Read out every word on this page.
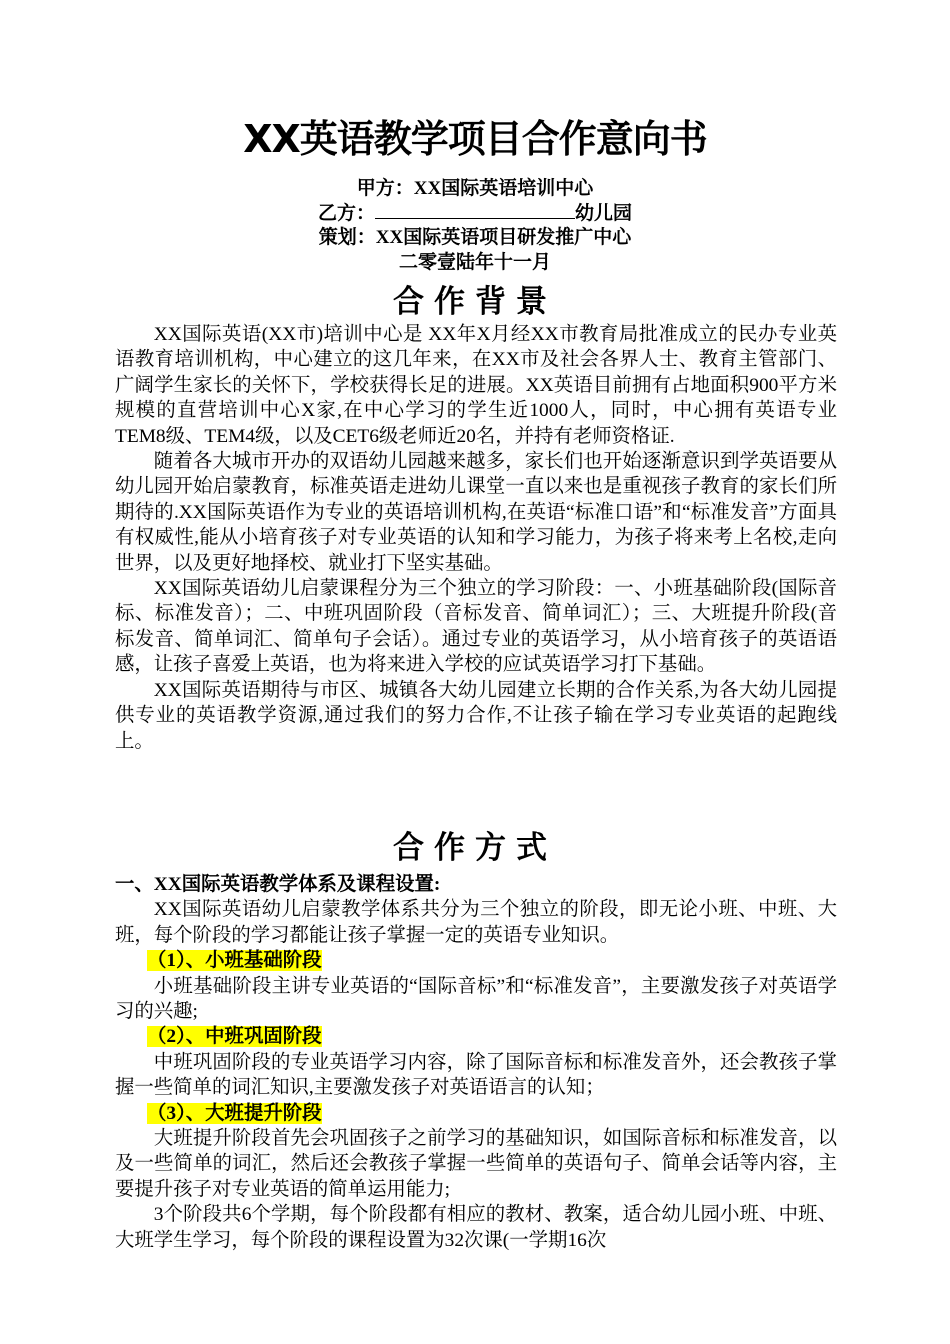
XX英语教学项目合作意向书
甲方：XX国际英语培训中心
乙方：	幼儿园
策划：XX国际英语项目研发推广中心
二零壹陆年十一月
合作背景

XX国际英语(XX市)培训中心是 XX年X月经XX市教育局批准成立的民办专业英语教育培训机构，中心建立的这几年来，在XX市及社会各界人士、教育主管部门、广阔学生家长的关怀下，学校获得长足的进展。XX英语目前拥有占地面积900平方米规模的直营培训中心X家,在中心学习的学生近1000人，同时，中心拥有英语专业TEM8级、TEM4级，以及CET6级老师近20名，并持有老师资格证.

随着各大城市开办的双语幼儿园越来越多，家长们也开始逐渐意识到学英语要从幼儿园开始启蒙教育，标准英语走进幼儿课堂一直以来也是重视孩子教育的家长们所期待的.XX国际英语作为专业的英语培训机构,在英语“标准口语”和“标准发音”方面具有权威性,能从小培育孩子对专业英语的认知和学习能力，为孩子将来考上名校,走向世界，以及更好地择校、就业打下坚实基础。

XX国际英语幼儿启蒙课程分为三个独立的学习阶段：一、小班基础阶段(国际音标、标准发音）；二、中班巩固阶段（音标发音、简单词汇）；三、大班提升阶段(音标发音、简单词汇、简单句子会话）。通过专业的英语学习，从小培育孩子的英语语感，让孩子喜爱上英语，也为将来进入学校的应试英语学习打下基础。

XX国际英语期待与市区、城镇各大幼儿园建立长期的合作关系,为各大幼儿园提供专业的英语教学资源,通过我们的努力合作,不让孩子输在学习专业英语的起跑线上。

合作方式
一、XX国际英语教学体系及课程设置:

XX国际英语幼儿启蒙教学体系共分为三个独立的阶段，即无论小班、中班、大班，每个阶段的学习都能让孩子掌握一定的英语专业知识。

（1）、小班基础阶段

小班基础阶段主讲专业英语的“国际音标”和“标准发音”，主要激发孩子对英语学习的兴趣;

（2）、中班巩固阶段

中班巩固阶段的专业英语学习内容，除了国际音标和标准发音外，还会教孩子掌握一些简单的词汇知识,主要激发孩子对英语语言的认知；

（3）、大班提升阶段

大班提升阶段首先会巩固孩子之前学习的基础知识，如国际音标和标准发音，以及一些简单的词汇，然后还会教孩子掌握一些简单的英语句子、简单会话等内容，主要提升孩子对专业英语的简单运用能力;

3个阶段共6个学期，每个阶段都有相应的教材、教案，适合幼儿园小班、中班、大班学生学习，每个阶段的课程设置为32次课(一学期16次
